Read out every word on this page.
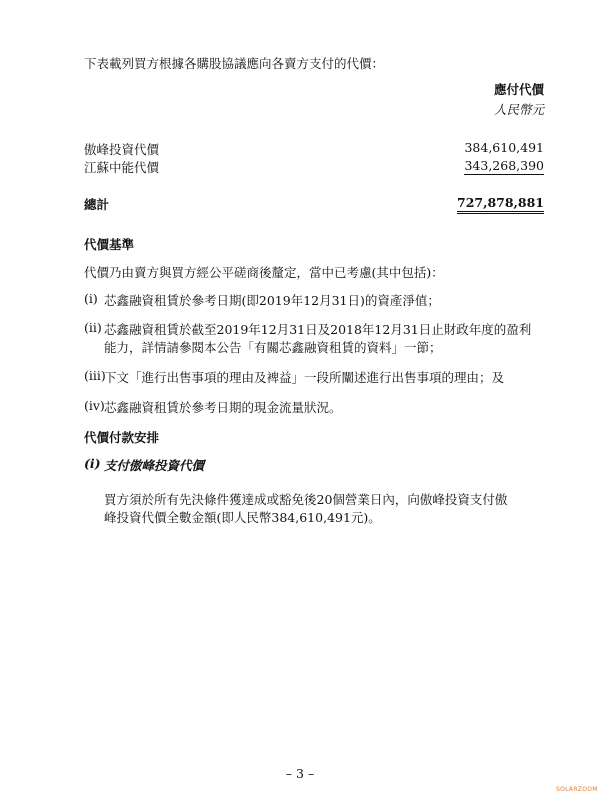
下表載列買方根據各購股協議應向各賣方支付的代價：
應付代價
人民幣元
傲峰投資代價	384,610,491
江蘇中能代價	343,268,390
總計	727,878,881
代價基準
代價乃由賣方與買方經公平磋商後釐定，當中已考慮(其中包括)：
(i) 芯鑫融資租賃於參考日期(即2019年12月31日)的資產淨值；
(ii) 芯鑫融資租賃於截至2019年12月31日及2018年12月31日止財政年度的盈利
能力，詳情請參閱本公告「有關芯鑫融資租賃的資料」一節；
(iii)
下文「進行出售事項的理由及裨益」一段所闡述進行出售事項的理由；及
(iv) 芯鑫融資租賃於參考日期的現金流量狀況。
代價付款安排
(i) 支付傲峰投資代價
買方須於所有先決條件獲達成或豁免後20個營業日內，向傲峰投資支付傲
峰投資代價全數金額(即人民幣384,610,491元)。
– 3 –
SOLARZOOM
